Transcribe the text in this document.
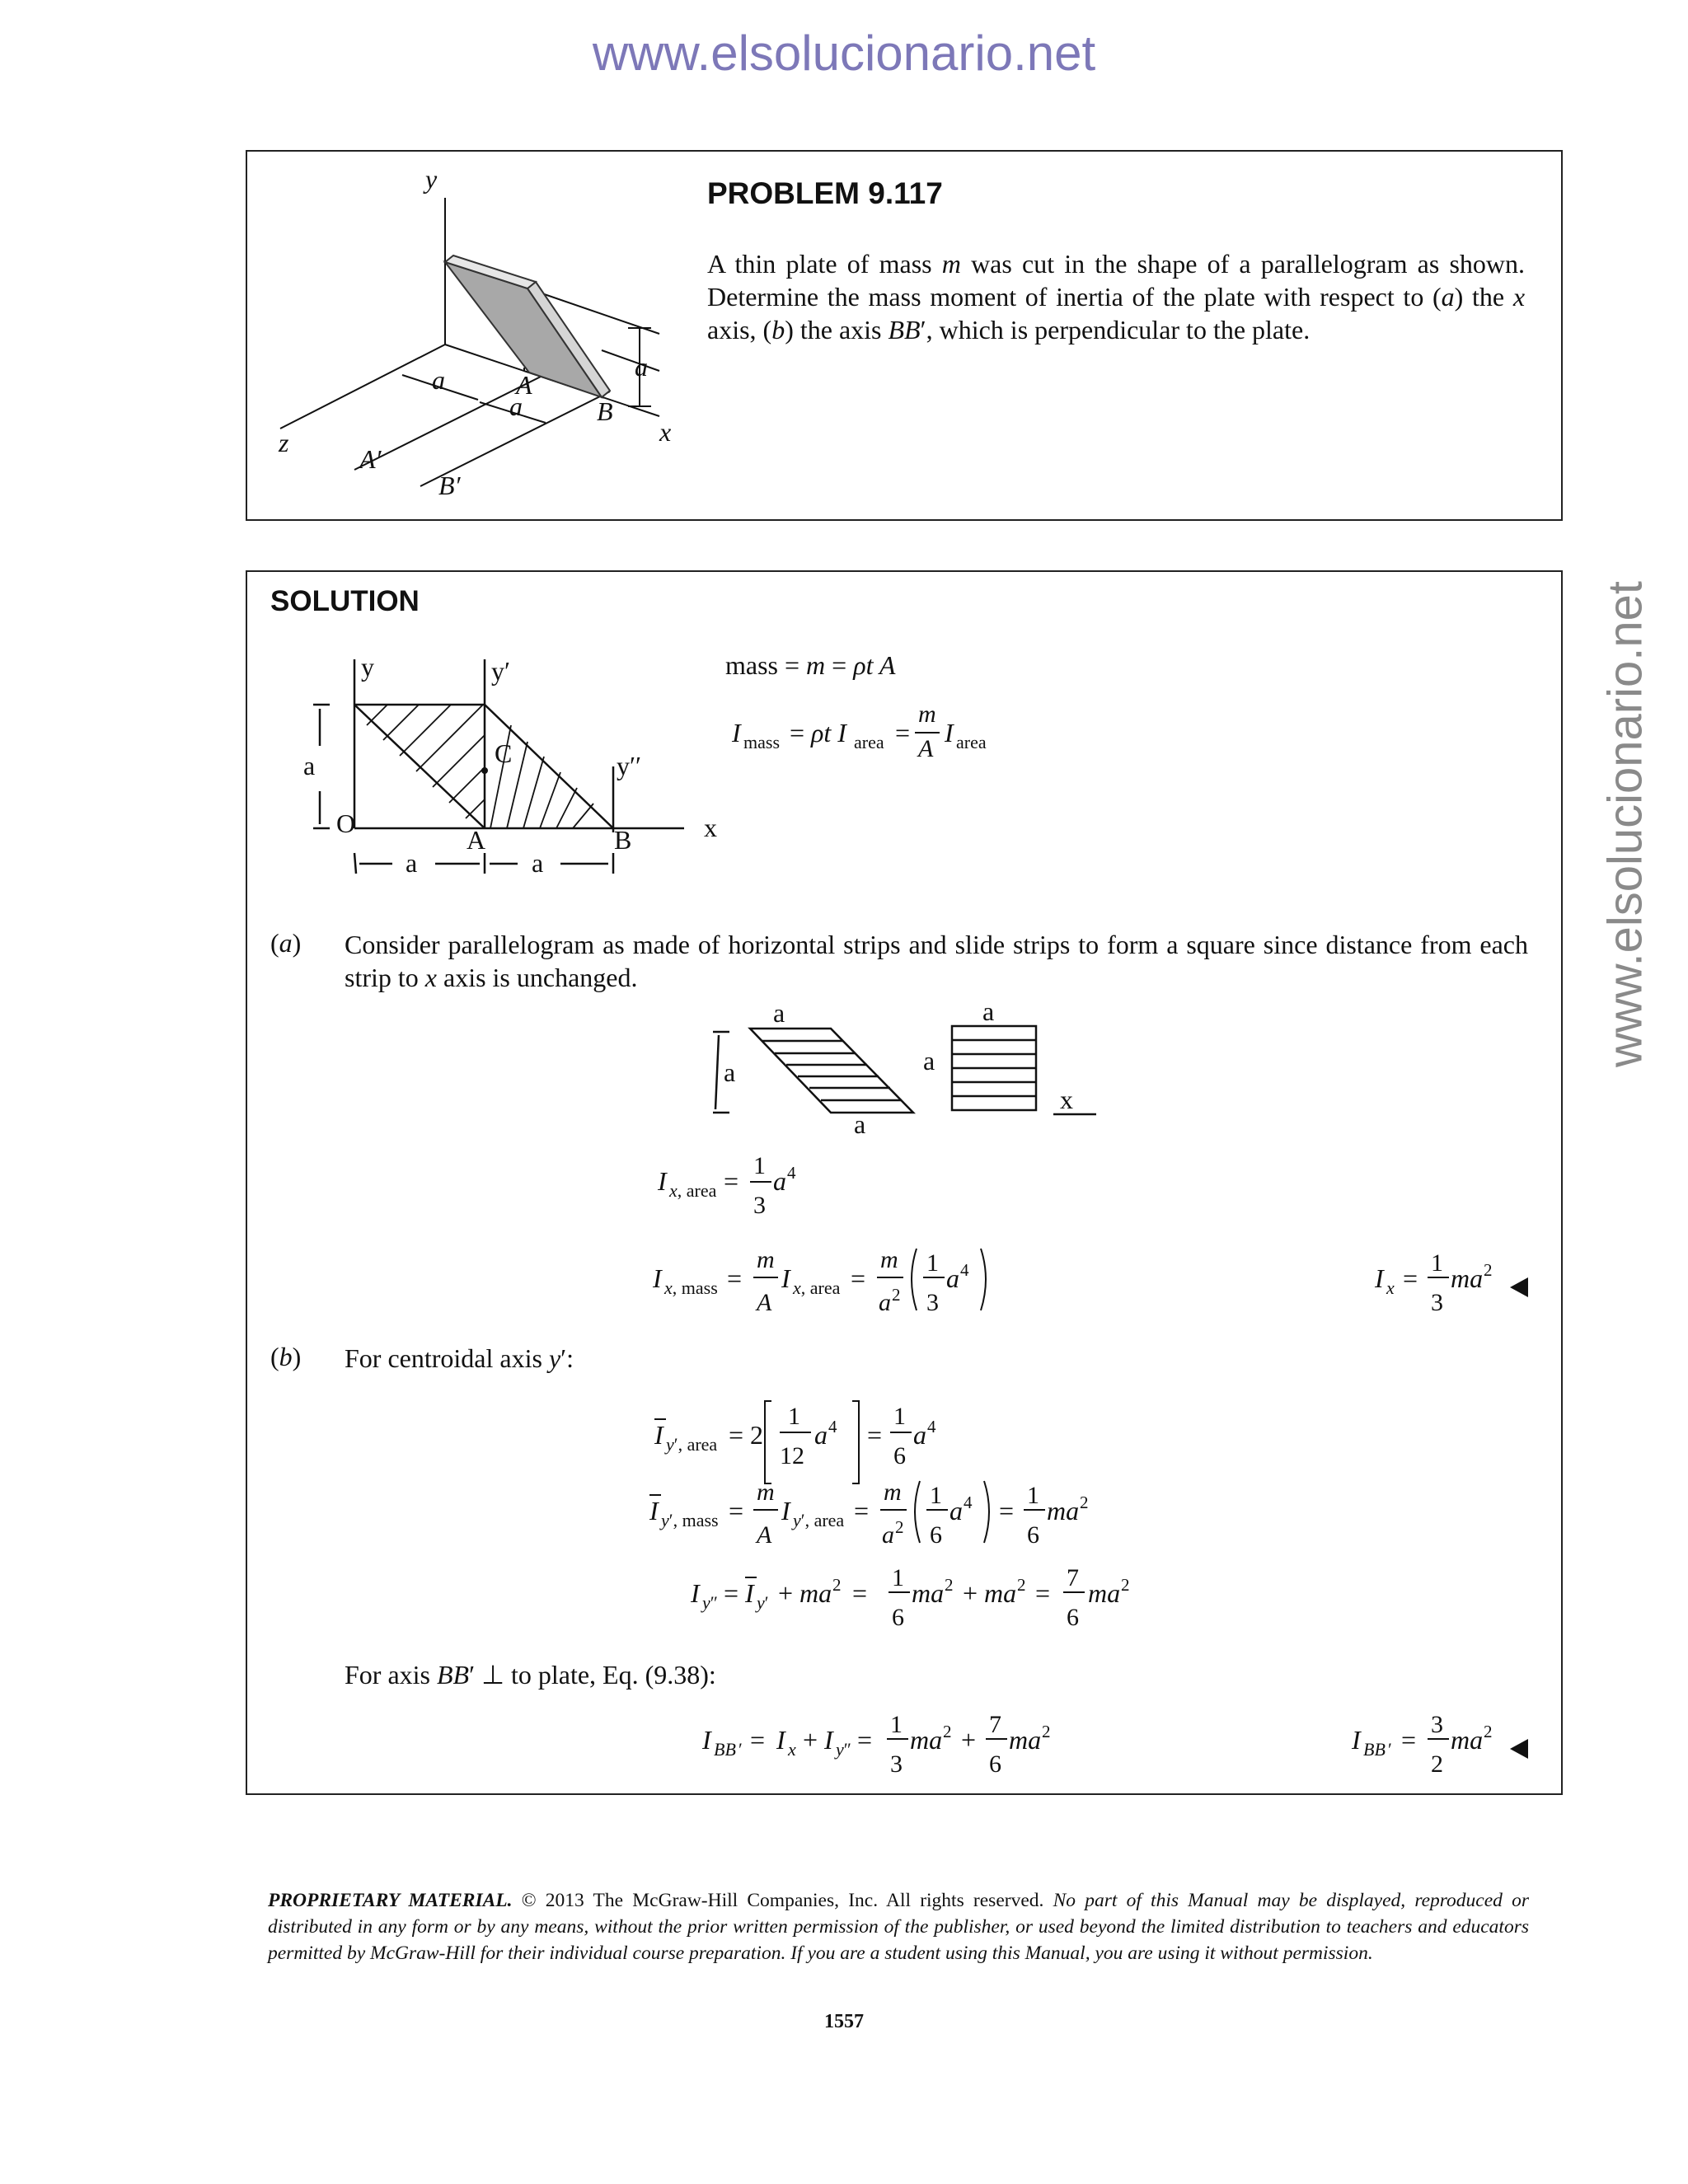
www.elsolucionario.net
www.elsolucionario.net
y
x
z
a
a
a
A
B
A′
B′
PROBLEM 9.117
A thin plate of mass m was cut in the shape of a parallelogram as shown. Determine the mass moment of inertia of the plate with respect to (a) the x axis, (b) the axis BB′, which is perpendicular to the plate.
SOLUTION
y	y′
y′′
x
C
O
A	B
a
a	a
mass = m = ρt A
I mass = ρt I area =
m
A
I area
(a) Consider parallelogram as made of horizontal strips and slide strips to form a square since distance from each strip to x axis is unchanged.
a
a
a
a
a
x
I x, area =
1
3
a 4
I x, mass =
m
A
I x, area =
m
a 2
1
3
a 4	I x =
1
3
ma 2
(b) For centroidal axis y′:
I y′, area = 2
1
12
a 4 =
1
6
a 4
I y′, mass =
m
A
I y′, area =
m
a 2
1
6
a 4 =
1
6
ma 2
I y″ = I y′ + ma 2 =
1
6
ma 2 + ma 2 =
7
6
ma 2
For axis BB′ ⊥ to plate, Eq. (9.38):
I BB ′ = I x + I y″ =
1
3
ma 2 +
7
6
ma 2	I BB ′ =
3
2
ma 2
PROPRIETARY MATERIAL. © 2013 The McGraw-Hill Companies, Inc. All rights reserved. No part of this Manual may be displayed, reproduced or distributed in any form or by any means, without the prior written permission of the publisher, or used beyond the limited distribution to teachers and educators permitted by McGraw-Hill for their individual course preparation. If you are a student using this Manual, you are using it without permission.
1557
